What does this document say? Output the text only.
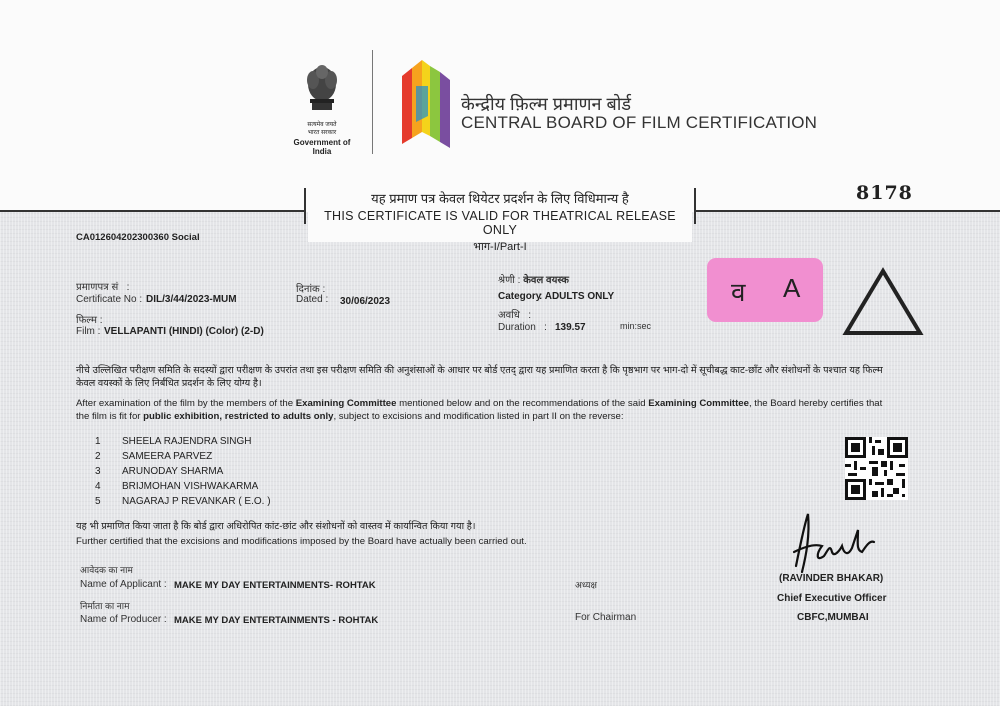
सत्यमेव जयते
भारत सरकार
Government of India
केन्द्रीय फ़िल्म प्रमाणन बोर्ड
CENTRAL BOARD OF FILM CERTIFICATION
8178
यह प्रमाण पत्र केवल थियेटर प्रदर्शन के लिए विधिमान्य है
THIS CERTIFICATE IS VALID FOR THEATRICAL RELEASE ONLY
भाग-I/Part-I
CA012604202300360 Social
प्रमाणपत्र सं   :
Certificate No : DIL/3/44/2023-MUM
दिनांक :
Dated : 30/06/2023
फिल्म :
Film : VELLAPANTI (HINDI) (Color) (2-D)
श्रेणी : केवल वयस्क
Category
: ADULTS ONLY
अवधि   :
Duration   : 139.57	min:sec
व A
नीचे उल्लिखित परीक्षण समिति के सदस्यों द्वारा परीक्षण के उपरांत तथा इस परीक्षण समिति की अनुशंसाओं के आधार पर बोर्ड एतद् द्वारा यह प्रमाणित करता है कि पृष्ठभाग पर भाग-दो में सूचीबद्ध काट-छाँट और संशोधनों के पश्चात यह फिल्म केवल वयस्कों के लिए निर्बंधित प्रदर्शन के लिए योग्य है।
After examination of the film by the members of the Examining Committee mentioned below and on the recommendations of the said Examining Committee, the Board hereby certifies that the film is fit for public exhibition, restricted to adults only, subject to excisions and modification listed in part II on the reverse:
1 SHEELA RAJENDRA SINGH
2 SAMEERA PARVEZ
3 ARUNODAY SHARMA
4 BRIJMOHAN VISHWAKARMA
5 NAGARAJ P REVANKAR ( E.O. )
यह भी प्रमाणित किया जाता है कि बोर्ड द्वारा अधिरोपित कांट-छांट और संशोधनों को वास्तव में कार्यान्वित किया गया है।
Further certified that the excisions and modifications imposed by the Board have actually been carried out.
आवेदक का नाम
Name of Applicant : MAKE MY DAY ENTERTAINMENTS- ROHTAK
निर्माता का नाम
Name of Producer : MAKE MY DAY ENTERTAINMENTS - ROHTAK
अध्यक्ष
For Chairman
(RAVINDER BHAKAR)
Chief Executive Officer
CBFC,MUMBAI
